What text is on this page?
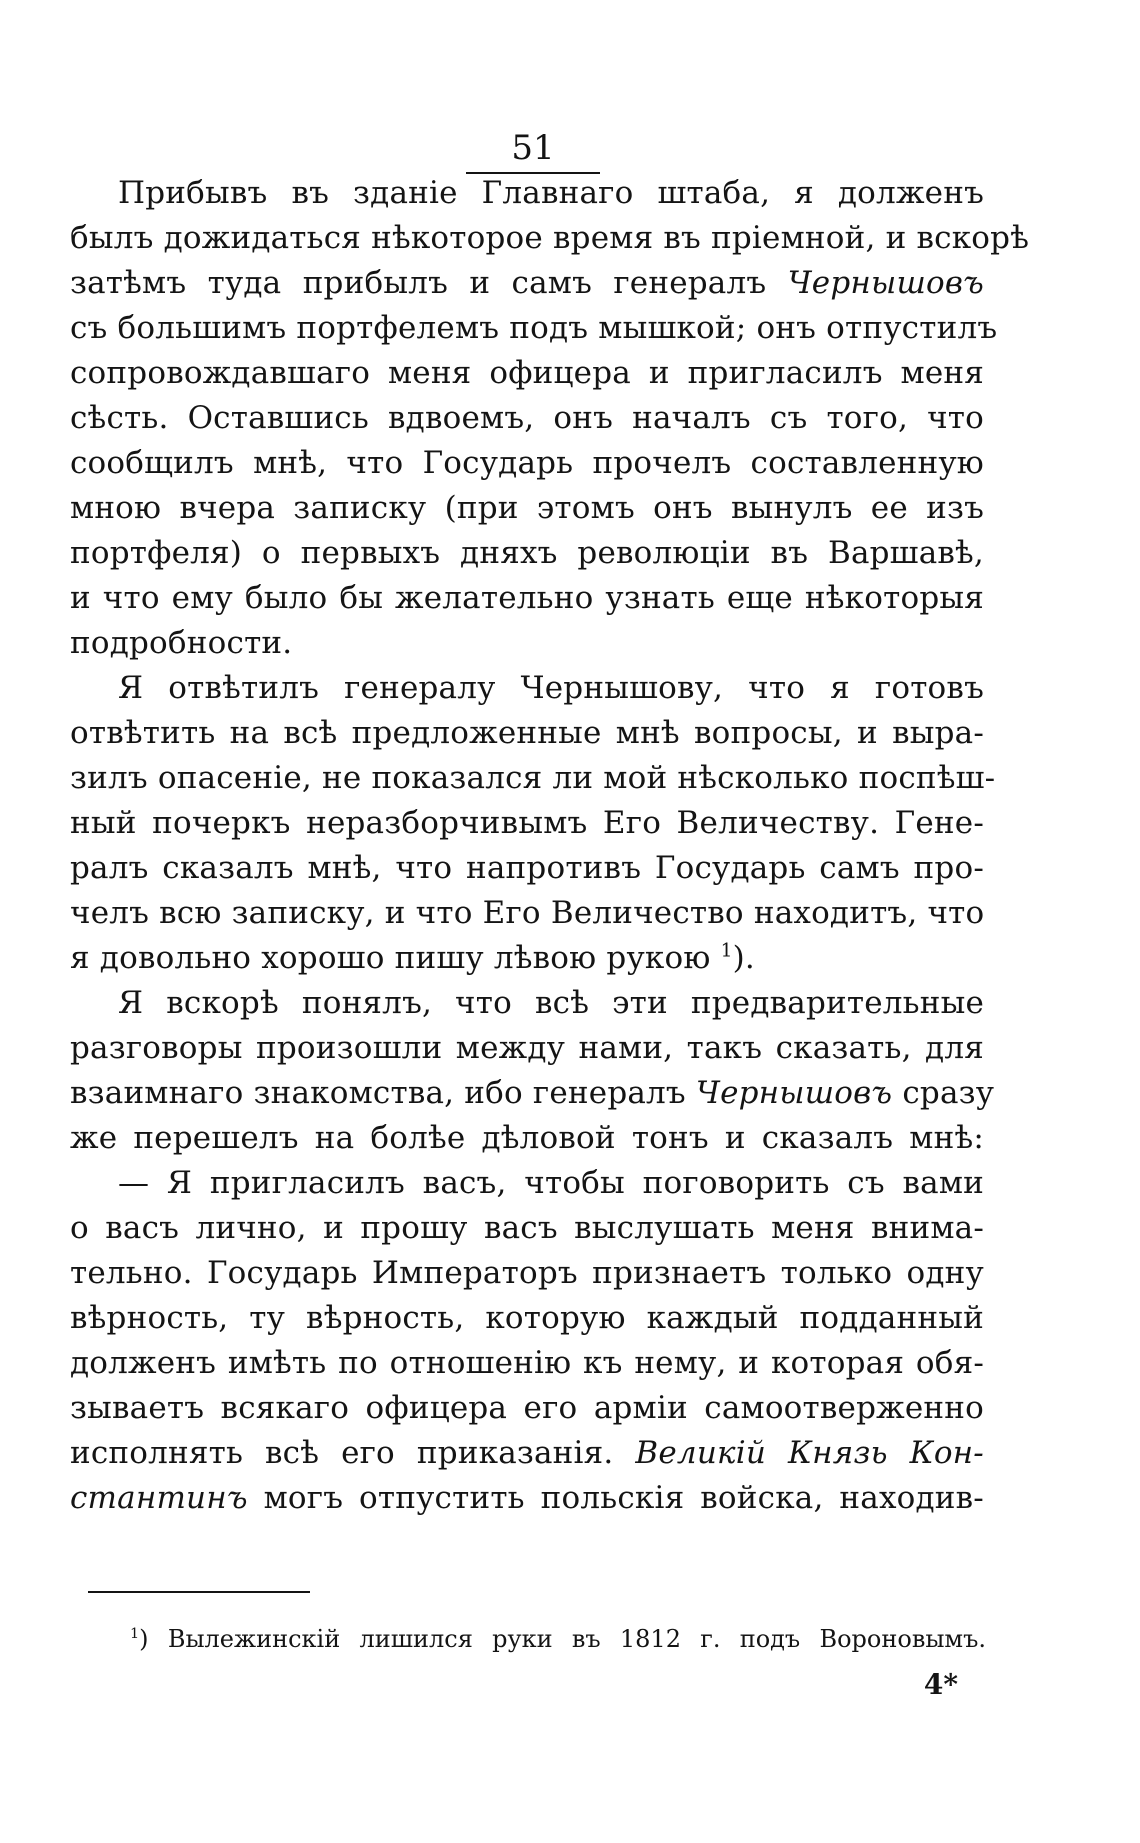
51
Прибывъ въ зданіе Главнаго штаба, я долженъ
былъ дожидаться нѣкоторое время въ пріемной, и вскорѣ
затѣмъ туда прибылъ и самъ генералъ Чернышовъ
съ большимъ портфелемъ подъ мышкой; онъ отпустилъ
сопровождавшаго меня офицера и пригласилъ меня
сѣсть. Оставшись вдвоемъ, онъ началъ съ того, что
сообщилъ мнѣ, что Государь прочелъ составленную
мною вчера записку (при этомъ онъ вынулъ ее изъ
портфеля) о первыхъ дняхъ революціи въ Варшавѣ,
и что ему было бы желательно узнать еще нѣкоторыя
подробности.
Я отвѣтилъ генералу Чернышову, что я готовъ
отвѣтить на всѣ предложенные мнѣ вопросы, и выра-
зилъ опасеніе, не показался ли мой нѣсколько поспѣш-
ный почеркъ неразборчивымъ Его Величеству. Гене-
ралъ сказалъ мнѣ, что напротивъ Государь самъ про-
челъ всю записку, и что Его Величество находитъ, что
я довольно хорошо пишу лѣвою рукою $^1$).
Я вскорѣ понялъ, что всѣ эти предварительные
разговоры произошли между нами, такъ сказать, для
взаимнаго знакомства, ибо генералъ Чернышовъ сразу
же перешелъ на болѣе дѣловой тонъ и сказалъ мнѣ:
— Я пригласилъ васъ, чтобы поговорить съ вами
о васъ лично, и прошу васъ выслушать меня внима-
тельно. Государь Императоръ признаетъ только одну
вѣрность, ту вѣрность, которую каждый подданный
долженъ имѣть по отношенію къ нему, и которая обя-
зываетъ всякаго офицера его арміи самоотверженно
исполнять всѣ его приказанія. Великій Князь Кон-
стантинъ могъ отпустить польскія войска, находив-
$^1$) Вылежинскій лишился руки въ 1812 г. подъ Вороновымъ.
4*
